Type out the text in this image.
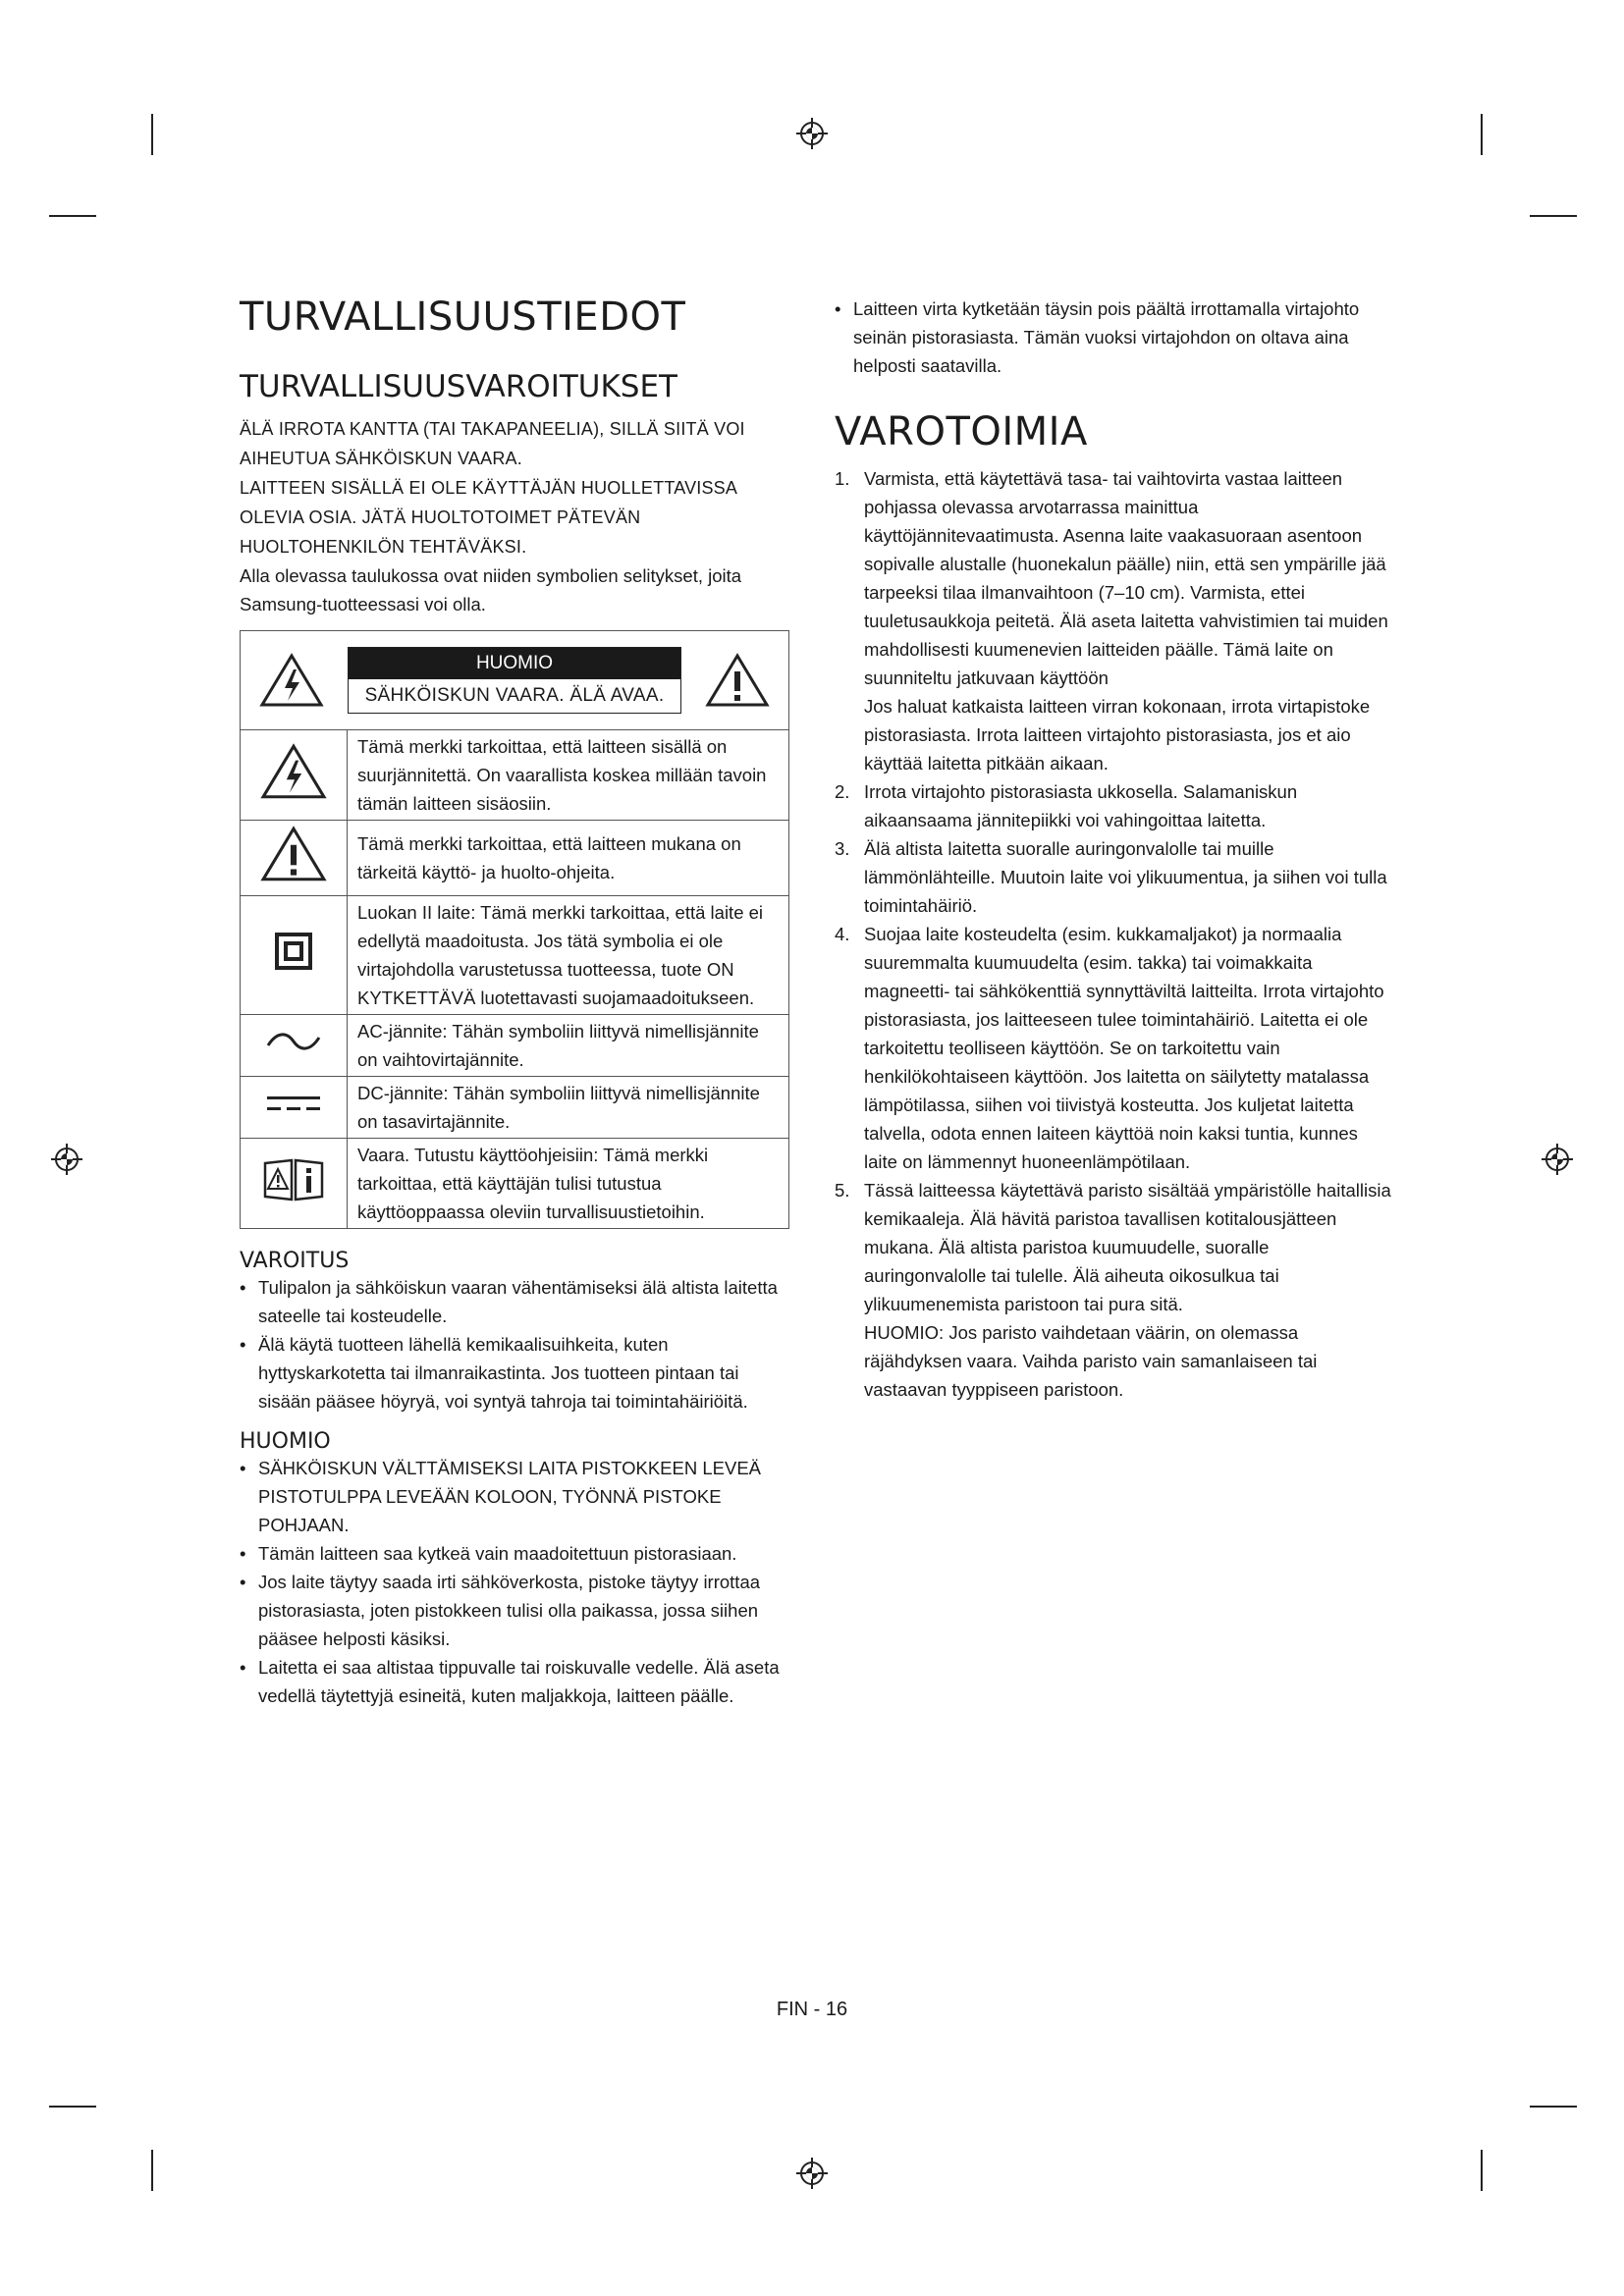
TURVALLISUUSTIEDOT
TURVALLISUUSVAROITUKSET
ÄLÄ IRROTA KANTTA (TAI TAKAPANEELIA), SILLÄ SIITÄ VOI
AIHEUTUA SÄHKÖISKUN VAARA.
LAITTEEN SISÄLLÄ EI OLE KÄYTTÄJÄN HUOLLETTAVISSA
OLEVIA OSIA. JÄTÄ HUOLTOTOIMET PÄTEVÄN
HUOLTOHENKILÖN TEHTÄVÄKSI.

Alla olevassa taulukossa ovat niiden symbolien selitykset, joita Samsung-tuotteessasi voi olla.

HUOMIO
SÄHKÖISKUN VAARA. ÄLÄ AVAA.	

	Tämä merkki tarkoittaa, että laitteen sisällä on suurjännitettä. On vaarallista koskea millään tavoin tämän laitteen sisäosiin.
	Tämä merkki tarkoittaa, että laitteen mukana on tärkeitä käyttö- ja huolto-ohjeita.
	Luokan II laite: Tämä merkki tarkoittaa, että laite ei edellytä maadoitusta. Jos tätä symbolia ei ole virtajohdolla varustetussa tuotteessa, tuote ON KYTKETTÄVÄ luotettavasti suojamaadoitukseen.
	AC-jännite: Tähän symboliin liittyvä nimellisjännite on vaihtovirtajännite.
	DC-jännite: Tähän symboliin liittyvä nimellisjännite on tasavirtajännite.
	Vaara. Tutustu käyttöohjeisiin: Tämä merkki tarkoittaa, että käyttäjän tulisi tutustua käyttöoppaassa oleviin turvallisuustietoihin.
VAROITUS
• Tulipalon ja sähköiskun vaaran vähentämiseksi älä altista laitetta sateelle tai kosteudelle.
• Älä käytä tuotteen lähellä kemikaalisuihkeita, kuten hyttyskarkotetta tai ilmanraikastinta. Jos tuotteen pintaan tai sisään pääsee höyryä, voi syntyä tahroja tai toimintahäiriöitä.
HUOMIO
• SÄHKÖISKUN VÄLTTÄMISEKSI LAITA PISTOKKEEN LEVEÄ PISTOTULPPA LEVEÄÄN KOLOON, TYÖNNÄ PISTOKE POHJAAN.
• Tämän laitteen saa kytkeä vain maadoitettuun pistorasiaan.
• Jos laite täytyy saada irti sähköverkosta, pistoke täytyy irrottaa pistorasiasta, joten pistokkeen tulisi olla paikassa, jossa siihen pääsee helposti käsiksi.
• Laitetta ei saa altistaa tippuvalle tai roiskuvalle vedelle. Älä aseta vedellä täytettyjä esineitä, kuten maljakkoja, laitteen päälle.
• Laitteen virta kytketään täysin pois päältä irrottamalla virtajohto seinän pistorasiasta. Tämän vuoksi virtajohdon on oltava aina helposti saatavilla.
VAROTOIMIA
1. Varmista, että käytettävä tasa- tai vaihtovirta vastaa laitteen pohjassa olevassa arvotarrassa mainittua käyttöjännitevaatimusta. Asenna laite vaakasuoraan asentoon sopivalle alustalle (huonekalun päälle) niin, että sen ympärille jää tarpeeksi tilaa ilmanvaihtoon (7–10 cm). Varmista, ettei tuuletusaukkoja peitetä. Älä aseta laitetta vahvistimien tai muiden mahdollisesti kuumenevien laitteiden päälle. Tämä laite on suunniteltu jatkuvaan käyttöön
Jos haluat katkaista laitteen virran kokonaan, irrota virtapistoke pistorasiasta. Irrota laitteen virtajohto pistorasiasta, jos et aio käyttää laitetta pitkään aikaan.
2. Irrota virtajohto pistorasiasta ukkosella. Salamaniskun aikaansaama jännitepiikki voi vahingoittaa laitetta.
3. Älä altista laitetta suoralle auringonvalolle tai muille lämmönlähteille. Muutoin laite voi ylikuumentua, ja siihen voi tulla toimintahäiriö.
4. Suojaa laite kosteudelta (esim. kukkamaljakot) ja normaalia suuremmalta kuumuudelta (esim. takka) tai voimakkaita magneetti- tai sähkökenttiä synnyttäviltä laitteilta. Irrota virtajohto pistorasiasta, jos laitteeseen tulee toimintahäiriö. Laitetta ei ole tarkoitettu teolliseen käyttöön. Se on tarkoitettu vain henkilökohtaiseen käyttöön. Jos laitetta on säilytetty matalassa lämpötilassa, siihen voi tiivistyä kosteutta. Jos kuljetat laitetta talvella, odota ennen laiteen käyttöä noin kaksi tuntia, kunnes laite on lämmennyt huoneenlämpötilaan.
5. Tässä laitteessa käytettävä paristo sisältää ympäristölle haitallisia kemikaaleja. Älä hävitä paristoa tavallisen kotitalousjätteen mukana. Älä altista paristoa kuumuudelle, suoralle auringonvalolle tai tulelle. Älä aiheuta oikosulkua tai ylikuumenemista paristoon tai pura sitä.
HUOMIO: Jos paristo vaihdetaan väärin, on olemassa räjähdyksen vaara. Vaihda paristo vain samanlaiseen tai vastaavan tyyppiseen paristoon.
FIN - 16
